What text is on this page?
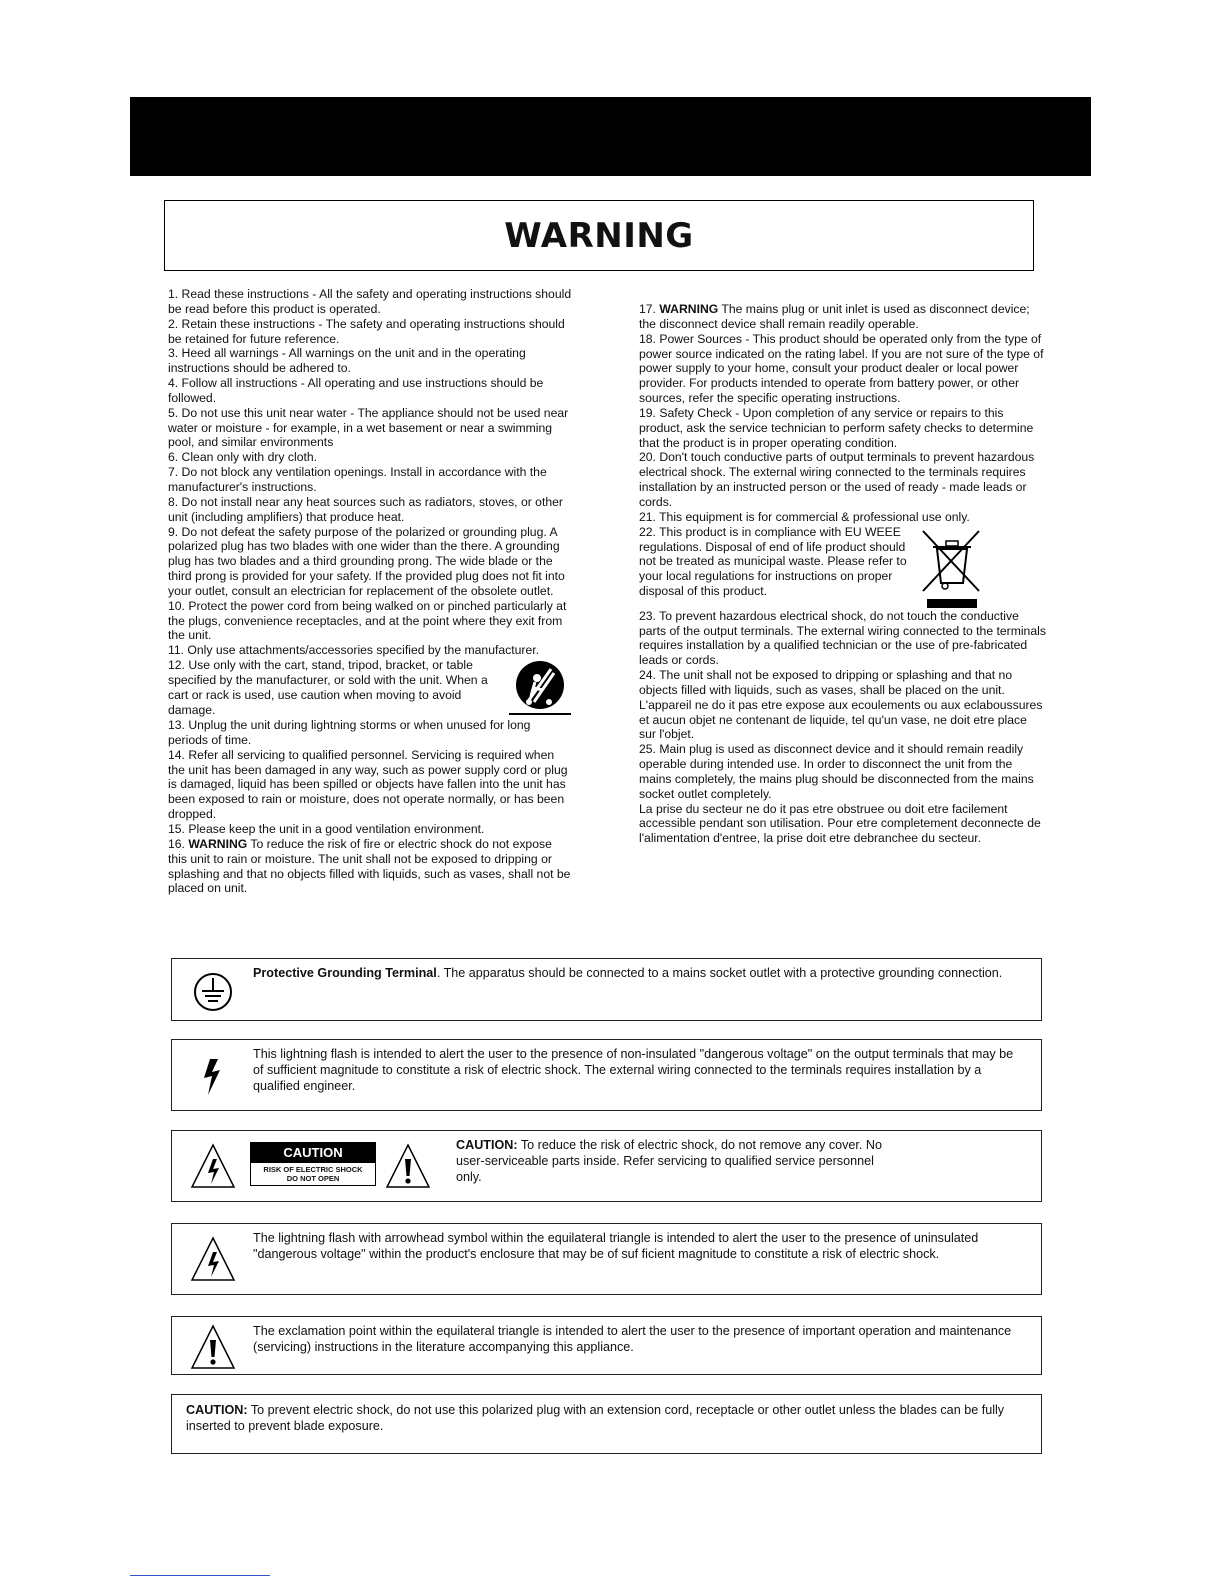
WARNING

1. Read these instructions - All the safety and operating instructions should be read before this product is operated.

2. Retain these instructions - The safety and operating instructions should be retained for future reference.

3. Heed all warnings - All warnings on the unit and in the operating instructions should be adhered to.

4. Follow all instructions - All operating and use instructions should be followed.

5. Do not use this unit near water - The appliance should not be used near water or moisture - for example, in a wet basement or near a swimming pool, and similar environments

6. Clean only with dry cloth.

7. Do not block any ventilation openings. Install in accordance with the manufacturer's instructions.

8. Do not install near any heat sources such as radiators, stoves, or other unit (including amplifiers) that produce heat.

9. Do not defeat the safety purpose of the polarized or grounding plug. A polarized plug has two blades with one wider than the there. A grounding plug has two blades and a third grounding prong. The wide blade or the third prong is provided for your safety. If the provided plug does not fit into your outlet, consult an electrician for replacement of the obsolete outlet.

10. Protect the power cord from being walked on or pinched particularly at the plugs, convenience receptacles, and at the point where they exit from the unit.

11. Only use attachments/accessories specified by the manufacturer.

12. Use only with the cart, stand, tripod, bracket, or table specified by the manufacturer, or sold with the unit. When a cart or rack is used, use caution when moving to avoid damage.

13. Unplug the unit during lightning storms or when unused for long periods of time.

14. Refer all servicing to qualified personnel. Servicing is required when the unit has been damaged in any way, such as power supply cord or plug is damaged, liquid has been spilled or objects have fallen into the unit has been exposed to rain or moisture, does not operate normally, or has been dropped.

15. Please keep the unit in a good ventilation environment.

16. WARNING To reduce the risk of fire or electric shock do not expose this unit to rain or moisture. The unit shall not be exposed to dripping or splashing and that no objects filled with liquids, such as vases, shall not be placed on unit.

17. WARNING The mains plug or unit inlet is used as disconnect device; the disconnect device shall remain readily operable.

18. Power Sources - This product should be operated only from the type of power source indicated on the rating label. If you are not sure of the type of power supply to your home, consult your product dealer or local power provider. For products intended to operate from battery power, or other sources, refer the specific operating instructions.

19. Safety Check - Upon completion of any service or repairs to this product, ask the service technician to perform safety checks to determine that the product is in proper operating condition.

20. Don't touch conductive parts of output terminals to prevent hazardous electrical shock. The external wiring connected to the terminals requires installation by an instructed person or the used of ready - made leads or cords.

21. This equipment is for commercial & professional use only.

22. This product is in compliance with EU WEEE regulations. Disposal of end of life product should not be treated as municipal waste. Please refer to your local regulations for instructions on proper disposal of this product.

23. To prevent hazardous electrical shock, do not touch the conductive parts of the output terminals. The external wiring connected to the terminals requires installation by a qualified technician or the use of pre-fabricated leads or cords.

24. The unit shall not be exposed to dripping or splashing and that no objects filled with liquids, such as vases, shall be placed on the unit.

L'appareil ne do it pas etre expose aux ecoulements ou aux eclaboussures et aucun objet ne contenant de liquide, tel qu'un vase, ne doit etre place sur l'objet.

25. Main plug is used as disconnect device and it should remain readily operable during intended use. In order to disconnect the unit from the mains completely, the mains plug should be disconnected from the mains socket outlet completely.

La prise du secteur ne do it pas etre obstruee ou doit etre facilement accessible pendant son utilisation. Pour etre completement deconnecte de l'alimentation d'entree, la prise doit etre debranchee du secteur.

Protective Grounding Terminal. The apparatus should be connected to a mains socket outlet with a protective grounding connection.
This lightning flash is intended to alert the user to the presence of non-insulated "dangerous voltage" on the output terminals that may be of sufficient magnitude to constitute a risk of electric shock. The external wiring connected to the terminals requires installation by a qualified engineer.
CAUTION
RISK OF ELECTRIC SHOCK
DO NOT OPEN
CAUTION: To reduce the risk of electric shock, do not remove any cover. No user-serviceable parts inside. Refer servicing to qualified service personnel only.
The lightning flash with arrowhead symbol within the equilateral triangle is intended to alert the user to the presence of uninsulated "dangerous voltage" within the product's enclosure that may be of suf ficient magnitude to constitute a risk of electric shock.
The exclamation point within the equilateral triangle is intended to alert the user to the presence of important operation and maintenance (servicing) instructions in the literature accompanying this appliance.
CAUTION: To prevent electric shock, do not use this polarized plug with an extension cord, receptacle or other outlet unless the blades can be fully inserted to prevent blade exposure.
